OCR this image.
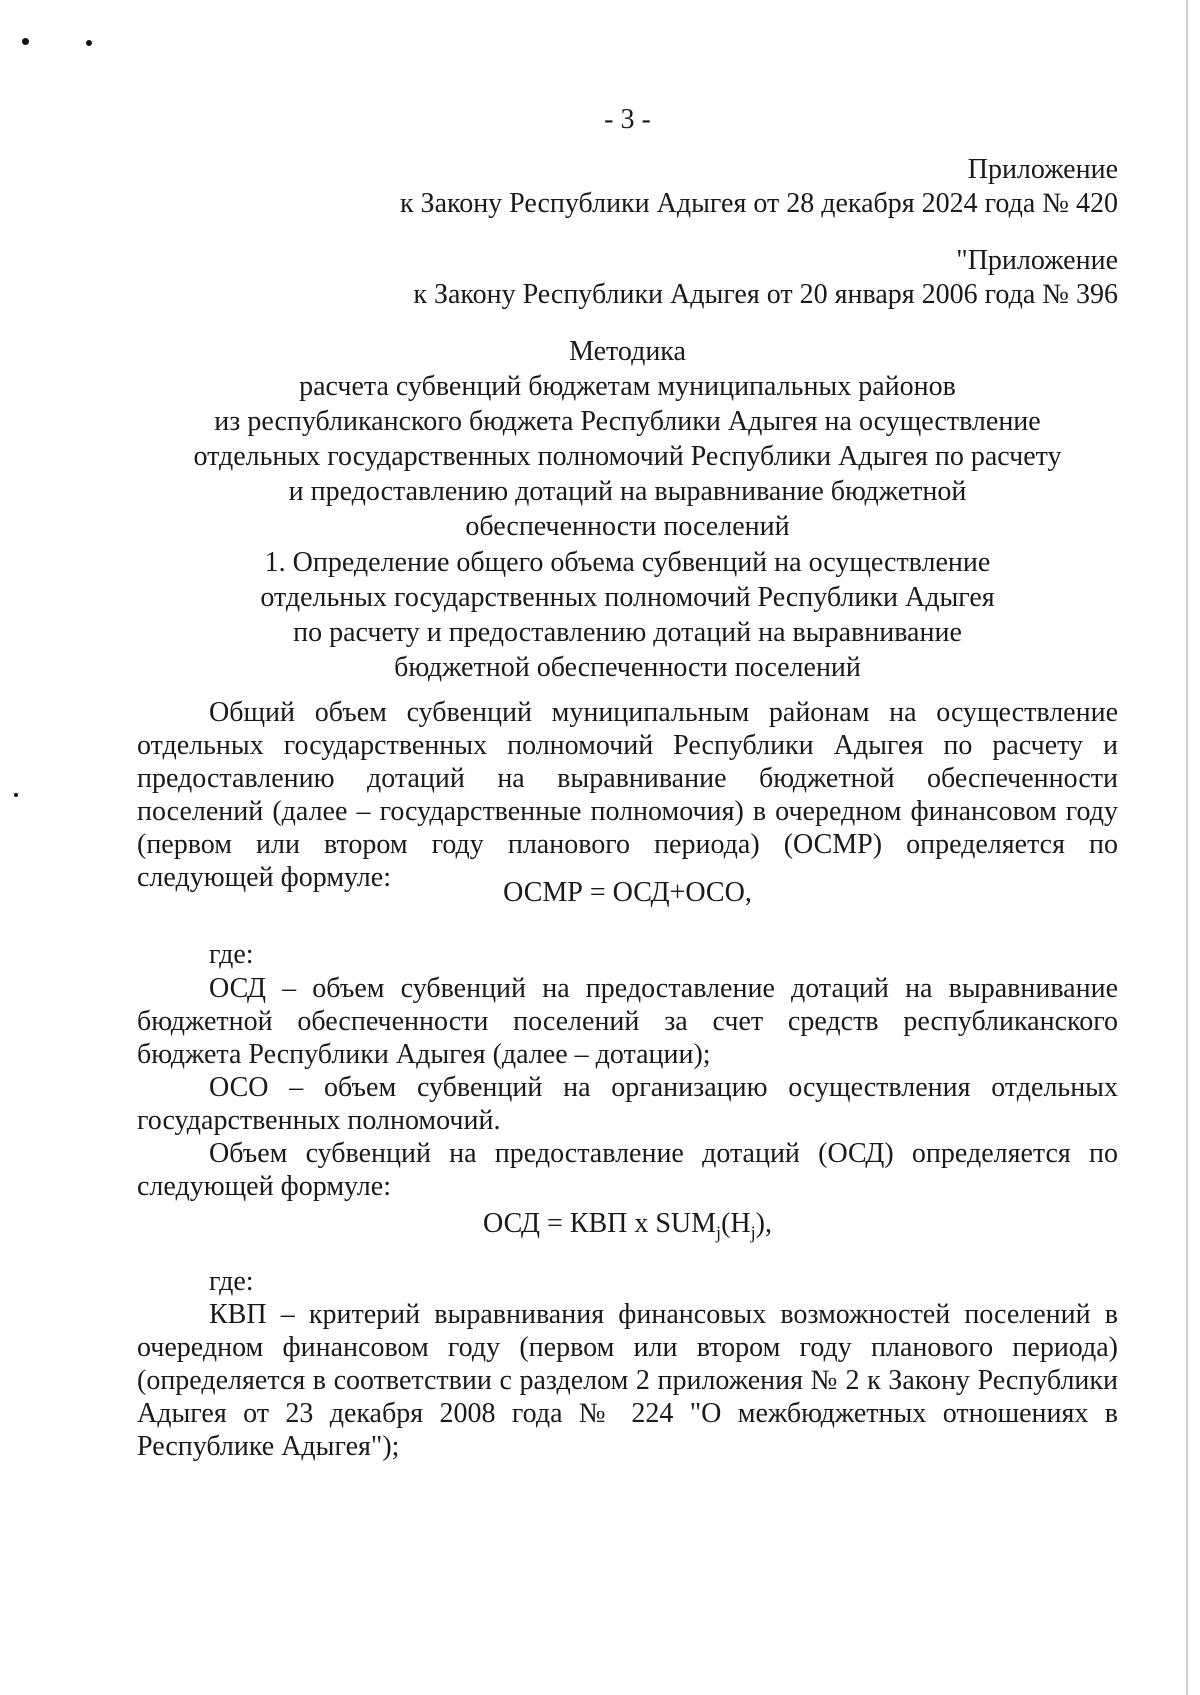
- 3 -
Приложение
к Закону Республики Адыгея от 28 декабря 2024 года № 420
"Приложение
к Закону Республики Адыгея от 20 января 2006 года № 396
Методика
расчета субвенций бюджетам муниципальных районов
из республиканского бюджета Республики Адыгея на осуществление
отдельных государственных полномочий Республики Адыгея по расчету
и предоставлению дотаций на выравнивание бюджетной
обеспеченности поселений
1. Определение общего объема субвенций на осуществление
отдельных государственных полномочий Республики Адыгея
по расчету и предоставлению дотаций на выравнивание
бюджетной обеспеченности поселений

Общий объем субвенций муниципальным районам на осуществление отдельных государственных полномочий Республики Адыгея по расчету и предоставлению дотаций на выравнивание бюджетной обеспеченности поселений (далее – государственные полномочия) в очередном финансовом году (первом или втором году планового периода) (ОСМР) определяется по следующей формуле:	ОСМР = ОСД+ОСО,
где:

ОСД – объем субвенций на предоставление дотаций на выравнивание бюджетной обеспеченности поселений за счет средств республиканского бюджета Республики Адыгея (далее – дотации);

ОСО – объем субвенций на организацию осуществления отдельных государственных полномочий.

Объем субвенций на предоставление дотаций (ОСД) определяется по следующей формуле:

ОСД = КВП х $SUM_j(H_j)$,
где:

КВП – критерий выравнивания финансовых возможностей поселений в очередном финансовом году (первом или втором году планового периода) (определяется в соответствии с разделом 2 приложения № 2 к Закону Республики Адыгея от 23 декабря 2008 года № 224 "О межбюджетных отношениях в Республике Адыгея");
